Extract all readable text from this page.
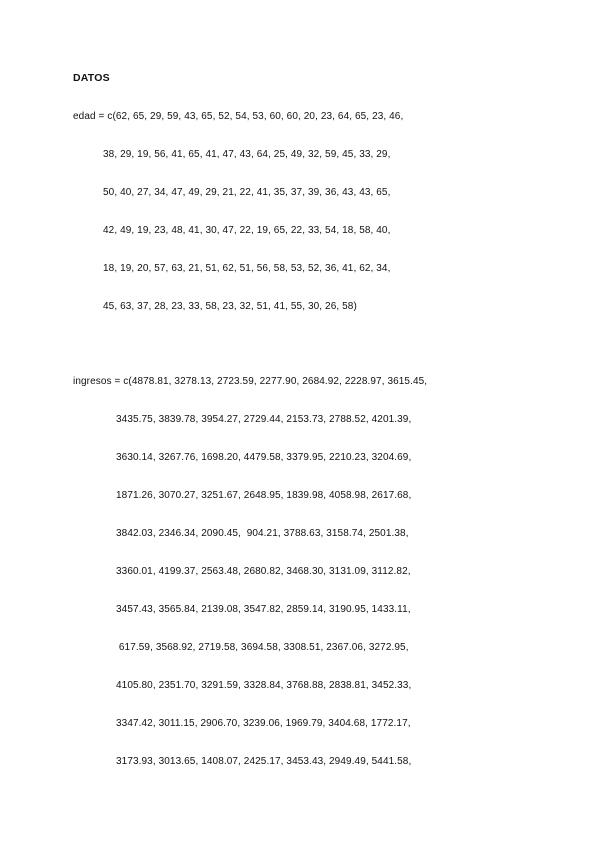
DATOS
edad = c(62, 65, 29, 59, 43, 65, 52, 54, 53, 60, 60, 20, 23, 64, 65, 23, 46,
38, 29, 19, 56, 41, 65, 41, 47, 43, 64, 25, 49, 32, 59, 45, 33, 29,
50, 40, 27, 34, 47, 49, 29, 21, 22, 41, 35, 37, 39, 36, 43, 43, 65,
42, 49, 19, 23, 48, 41, 30, 47, 22, 19, 65, 22, 33, 54, 18, 58, 40,
18, 19, 20, 57, 63, 21, 51, 62, 51, 56, 58, 53, 52, 36, 41, 62, 34,
45, 63, 37, 28, 23, 33, 58, 23, 32, 51, 41, 55, 30, 26, 58)
ingresos = c(4878.81, 3278.13, 2723.59, 2277.90, 2684.92, 2228.97, 3615.45,
3435.75, 3839.78, 3954.27, 2729.44, 2153.73, 2788.52, 4201.39,
3630.14, 3267.76, 1698.20, 4479.58, 3379.95, 2210.23, 3204.69,
1871.26, 3070.27, 3251.67, 2648.95, 1839.98, 4058.98, 2617.68,
3842.03, 2346.34, 2090.45,  904.21, 3788.63, 3158.74, 2501.38,
3360.01, 4199.37, 2563.48, 2680.82, 3468.30, 3131.09, 3112.82,
3457.43, 3565.84, 2139.08, 3547.82, 2859.14, 3190.95, 1433.11,
617.59, 3568.92, 2719.58, 3694.58, 3308.51, 2367.06, 3272.95,
4105.80, 2351.70, 3291.59, 3328.84, 3768.88, 2838.81, 3452.33,
3347.42, 3011.15, 2906.70, 3239.06, 1969.79, 3404.68, 1772.17,
3173.93, 3013.65, 1408.07, 2425.17, 3453.43, 2949.49, 5441.58,
